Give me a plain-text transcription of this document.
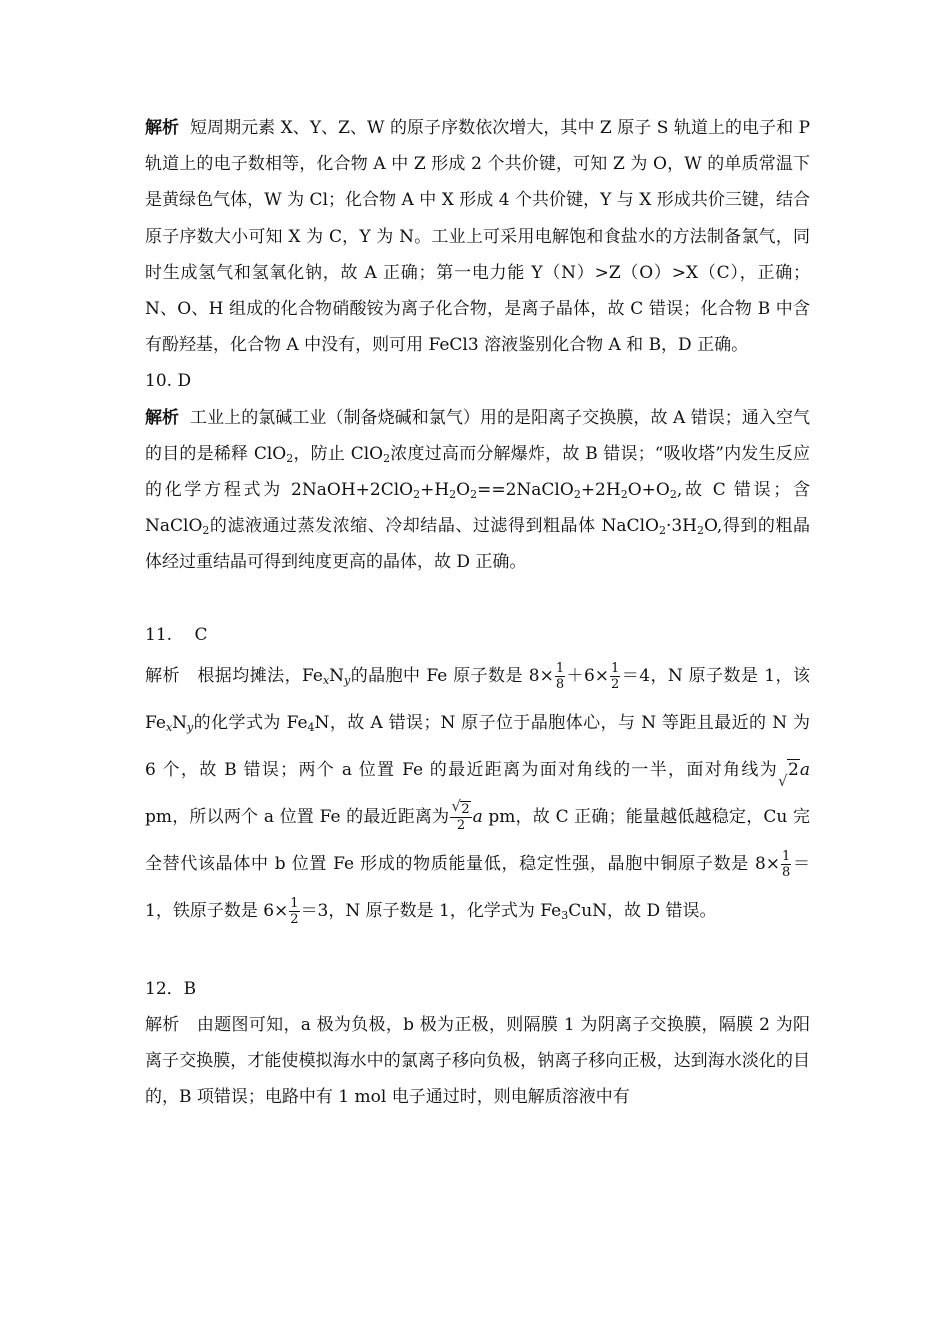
解析 短周期元素 X、Y、Z、W 的原子序数依次增大，其中 Z 原子 S 轨道上的电子和 P 轨道上的电子数相等，化合物 A 中 Z 形成 2 个共价键，可知 Z 为 O，W 的单质常温下是黄绿色气体，W 为 Cl；化合物 A 中 X 形成 4 个共价键，Y 与 X 形成共价三键，结合原子序数大小可知 X 为 C，Y 为 N。工业上可采用电解饱和食盐水的方法制备氯气，同时生成氢气和氢氧化钠，故 A 正确；第一电力能 Y（N）>Z（O）>X（C），正确；N、O、H 组成的化合物硝酸铵为离子化合物，是离子晶体，故 C 错误；化合物 B 中含有酚羟基，化合物 A 中没有，则可用 FeCl3 溶液鉴别化合物 A 和 B，D 正确。

10. D

解析 工业上的氯碱工业（制备烧碱和氯气）用的是阳离子交换膜，故 A 错误；通入空气的目的是稀释 ClO$_2$，防止 ClO$_2$浓度过高而分解爆炸，故 B 错误；“吸收塔”内发生反应的化学方程式为 $2NaOH+2ClO_2+H_2O_2==2NaClO_2+2H_2O+O_2$,故 C 错误；含 NaClO$_2$的滤液通过蒸发浓缩、冷却结晶、过滤得到粗晶体 $NaClO_2\cdot 3H_2O$,得到的粗晶体经过重结晶可得到纯度更高的晶体，故 D 正确。

11.　 C

解析　根据均摊法，$Fe_xN_y$的晶胞中 Fe 原子数是 $8\times \frac{1}{8} +6\times \frac{1}{2} =4$，N 原子数是 1，该 $Fe_xN_y$的化学式为 $Fe_4N$，故 A 错误；N 原子位于晶胞体心，与 N 等距且最近的 N 为 6 个，故 B 错误；两个 a 位置 Fe 的最近距离为面对角线的一半，面对角线为 √ 2a pm，所以两个 a 位置 Fe 的最近距离为 √ $\frac{2}{2}$ a pm，故 C 正确；能量越低越稳定，Cu 完全替代该晶体中 b 位置 Fe 形成的物质能量低，稳定性强，晶胞中铜原子数是 $8\times \frac{1}{8} =1$，铁原子数是 $6\times \frac{1}{2} =3$，N 原子数是 1，化学式为 $Fe_3CuN$，故 D 错误。

12．B

解析　由题图可知，a 极为负极，b 极为正极，则隔膜 1 为阴离子交换膜，隔膜 2 为阳离子交换膜，才能使模拟海水中的氯离子移向负极，钠离子移向正极，达到海水淡化的目的，B 项错误；电路中有 1 mol 电子通过时，则电解质溶液中有
